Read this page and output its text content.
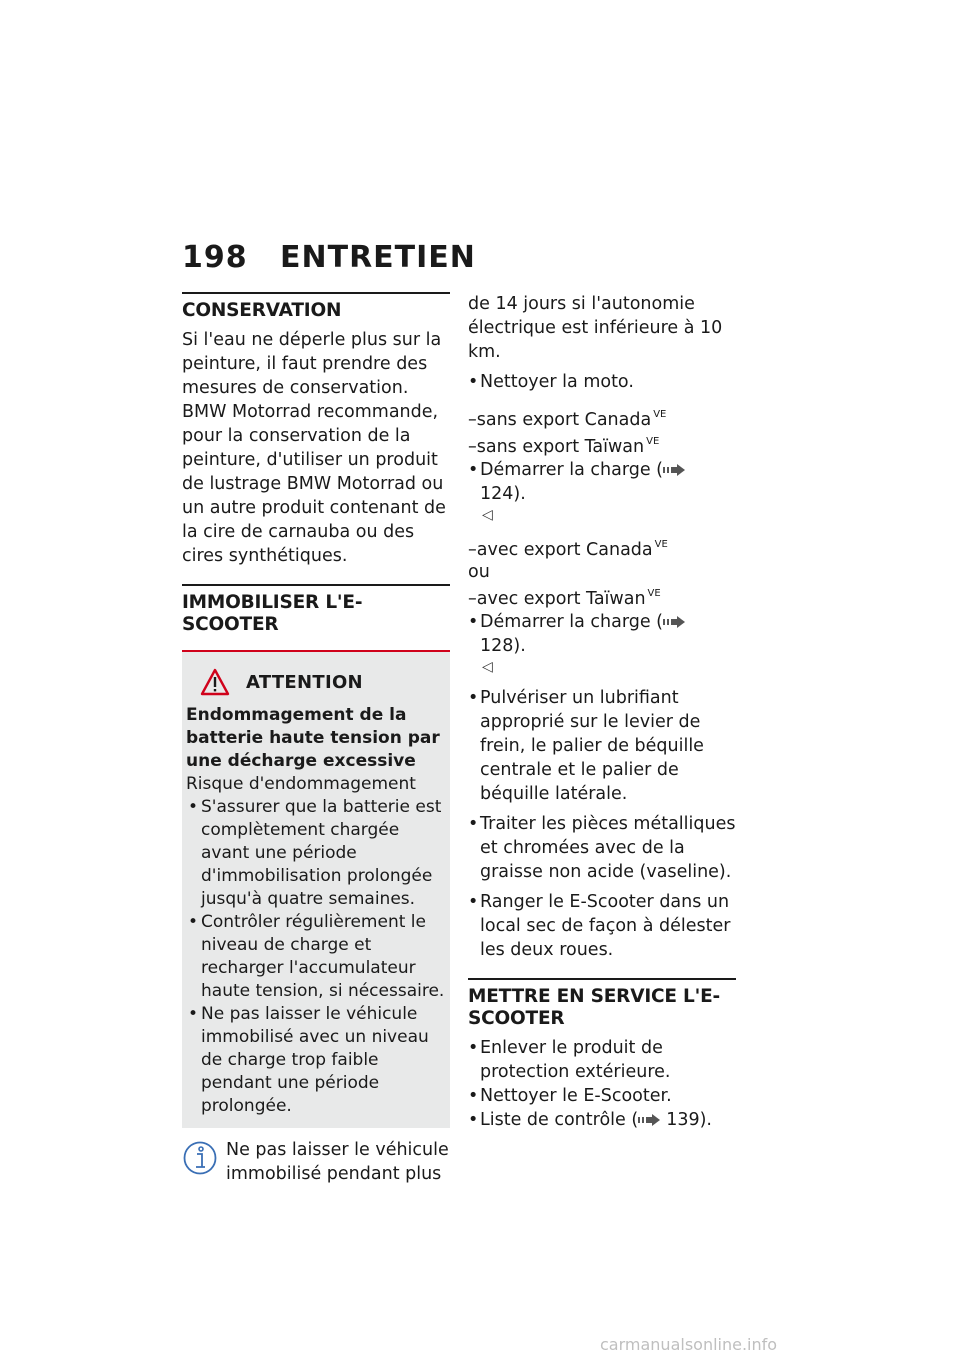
198 ENTRETIEN
CONSERVATION

Si l'eau ne déperle plus sur la peinture, il faut prendre des mesures de conservation.

BMW Motorrad recommande, pour la conservation de la peinture, d'utiliser un produit de lustrage BMW Motorrad ou un autre produit contenant de la cire de carnauba ou des cires synthétiques.

IMMOBILISER L'E-SCOOTER
ATTENTION

Endommagement de la batterie haute tension par une décharge excessive

Risque d'endommagement

• S'assurer que la batterie est complètement chargée avant une période d'immobilisation prolongée jusqu'à quatre semaines.
• Contrôler régulièrement le niveau de charge et recharger l'accumulateur haute tension, si nécessaire.
• Ne pas laisser le véhicule immobilisé avec un niveau de charge trop faible pendant une période prolongée.

Ne pas laisser le véhicule immobilisé pendant plus

de 14 jours si l'autonomie électrique est inférieure à 10 km.

• Nettoyer la moto.

–sans export Canada $^{VE}$

–sans export Taïwan $^{VE}$

• Démarrer la charge (124).
◁

–avec export Canada $^{VE}$

ou

–avec export Taïwan $^{VE}$

• Démarrer la charge (128).
◁
• Pulvériser un lubrifiant approprié sur le levier de frein, le palier de béquille centrale et le palier de béquille latérale.
• Traiter les pièces métalliques et chromées avec de la graisse non acide (vaseline).
• Ranger le E-Scooter dans un local sec de façon à délester les deux roues.
METTRE EN SERVICE L'E-SCOOTER
• Enlever le produit de protection extérieure.
• Nettoyer le E-Scooter.
• Liste de contrôle ( 139).
carmanualsonline.info
